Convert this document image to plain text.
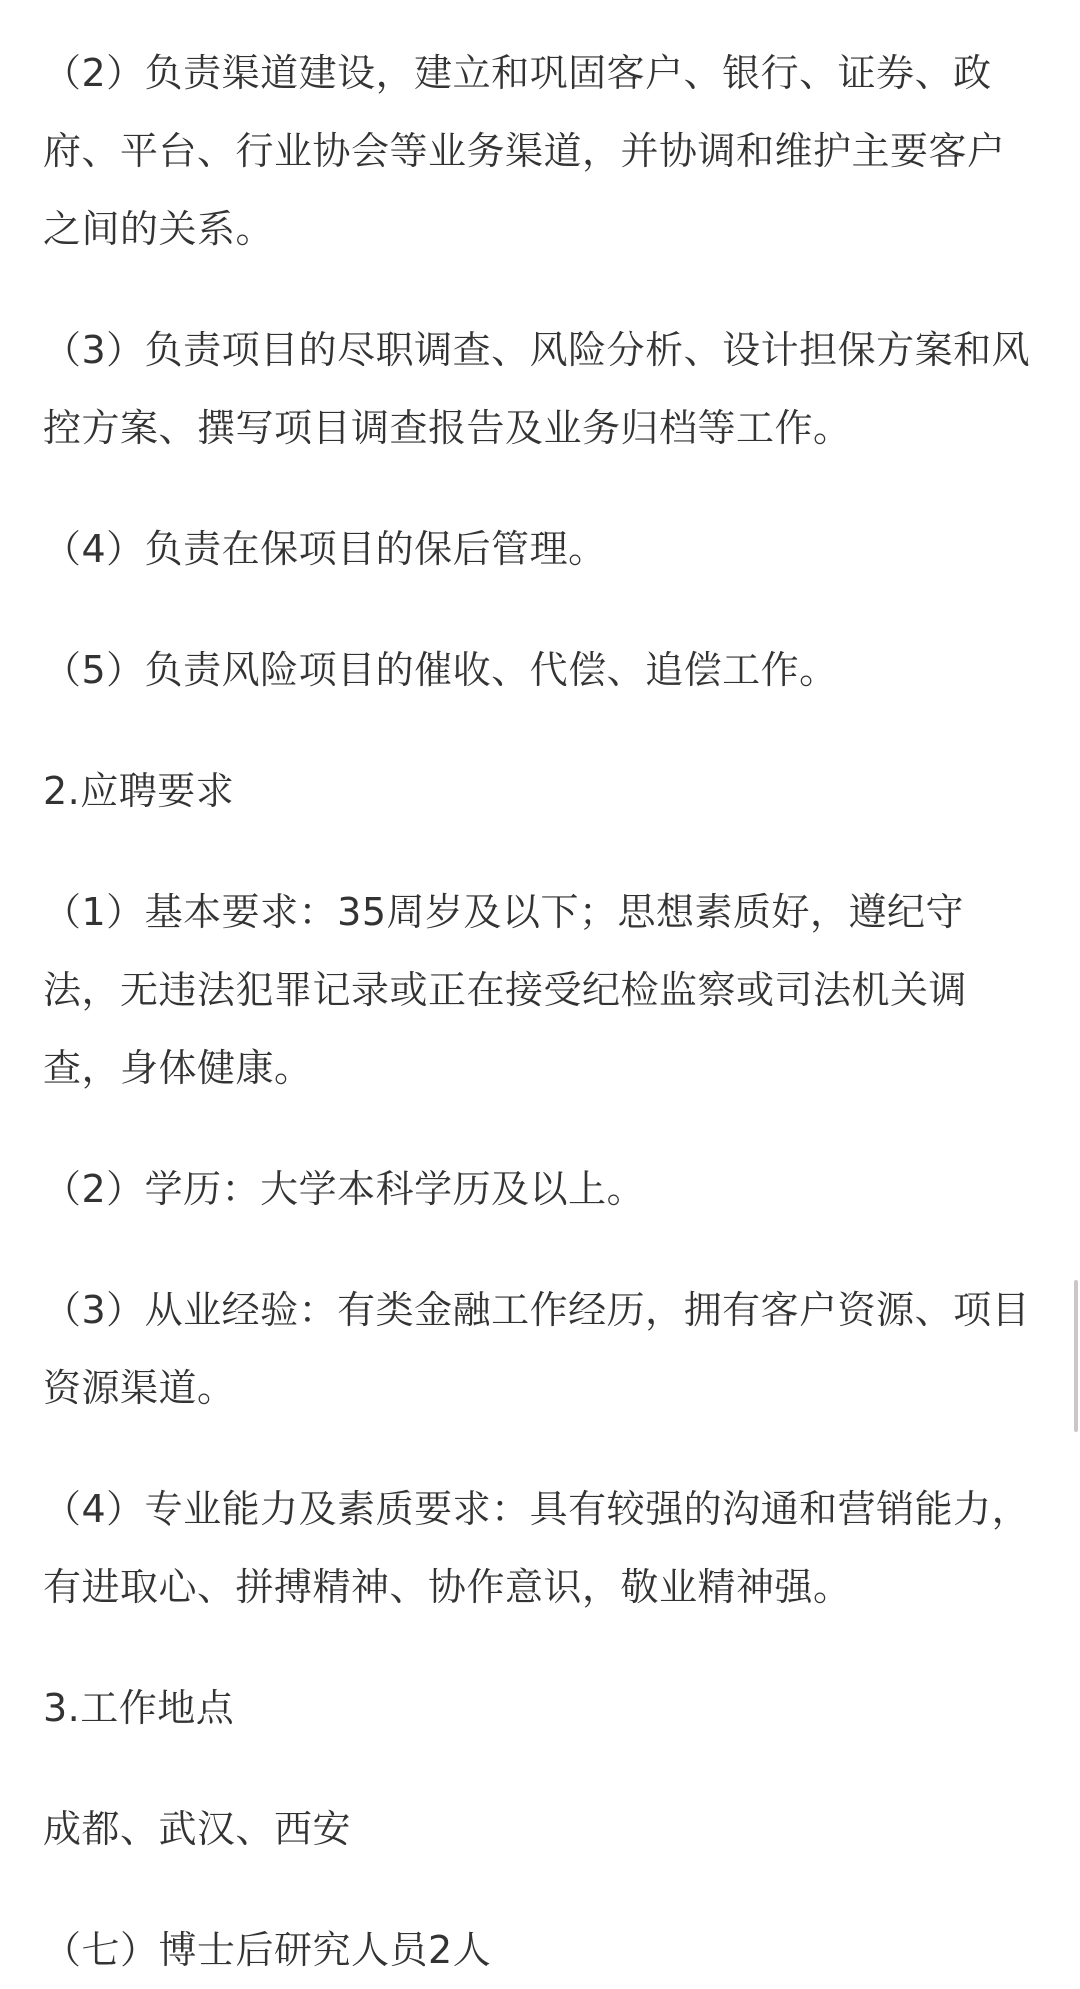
（2）负责渠道建设，建立和巩固客户、银行、证券、政府、平台、行业协会等业务渠道，并协调和维护主要客户之间的关系。

（3）负责项目的尽职调查、风险分析、设计担保方案和风控方案、撰写项目调查报告及业务归档等工作。

（4）负责在保项目的保后管理。

（5）负责风险项目的催收、代偿、追偿工作。

2.应聘要求

（1）基本要求：35周岁及以下；思想素质好，遵纪守法，无违法犯罪记录或正在接受纪检监察或司法机关调查，身体健康。

（2）学历：大学本科学历及以上。

（3）从业经验：有类金融工作经历，拥有客户资源、项目资源渠道。

（4）专业能力及素质要求：具有较强的沟通和营销能力，有进取心、拼搏精神、协作意识，敬业精神强。

3.工作地点

成都、武汉、西安

（七）博士后研究人员2人
